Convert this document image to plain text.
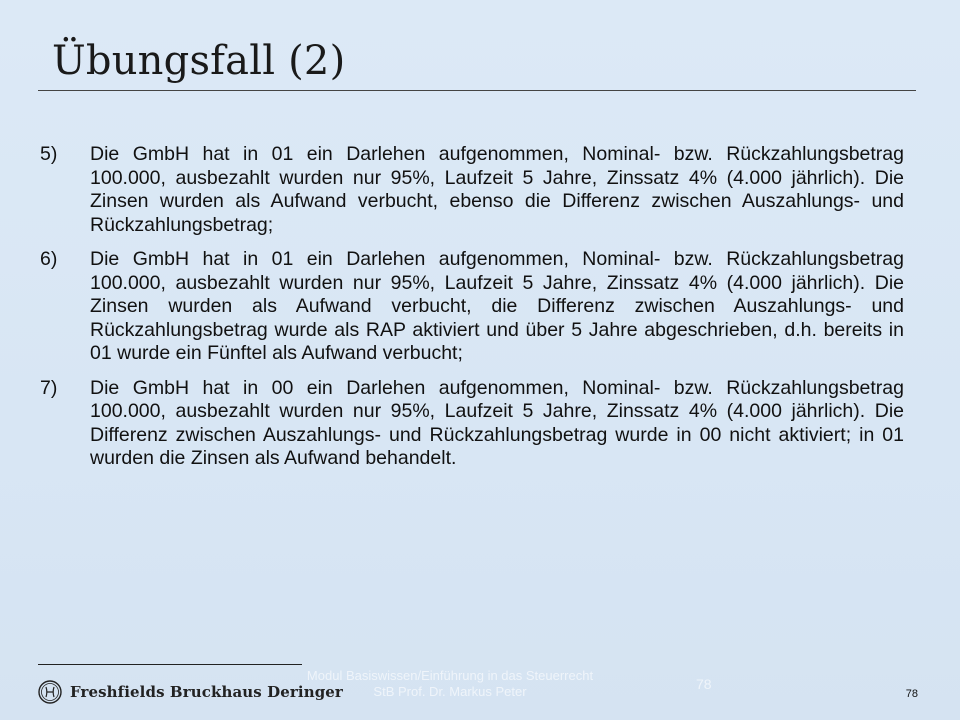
Übungsfall (2)
5)	Die GmbH hat in 01 ein Darlehen aufgenommen, Nominal- bzw. Rückzahlungsbetrag 100.000, ausbezahlt wurden nur 95%, Laufzeit 5 Jahre, Zinssatz 4% (4.000 jährlich). Die Zinsen wurden als Aufwand verbucht, ebenso die Differenz zwischen Auszahlungs- und Rückzahlungsbetrag;
6)	Die GmbH hat in 01 ein Darlehen aufgenommen, Nominal- bzw. Rückzahlungsbetrag 100.000, ausbezahlt wurden nur 95%, Laufzeit 5 Jahre, Zinssatz 4% (4.000 jährlich). Die Zinsen wurden als Aufwand verbucht, die Differenz zwischen Auszahlungs- und Rückzahlungsbetrag wurde als RAP aktiviert und über 5 Jahre abgeschrieben, d.h. bereits in 01 wurde ein Fünftel als Aufwand verbucht;
7)	Die GmbH hat in 00 ein Darlehen aufgenommen, Nominal- bzw. Rückzahlungsbetrag 100.000, ausbezahlt wurden nur 95%, Laufzeit 5 Jahre, Zinssatz 4% (4.000 jährlich). Die Differenz zwischen Auszahlungs- und Rückzahlungsbetrag wurde in 00 nicht aktiviert; in 01 wurden die Zinsen als Aufwand behandelt.
Freshfields Bruckhaus Deringer
Modul Basiswissen/Einführung in das Steuerrecht
StB Prof. Dr. Markus Peter	78
78
